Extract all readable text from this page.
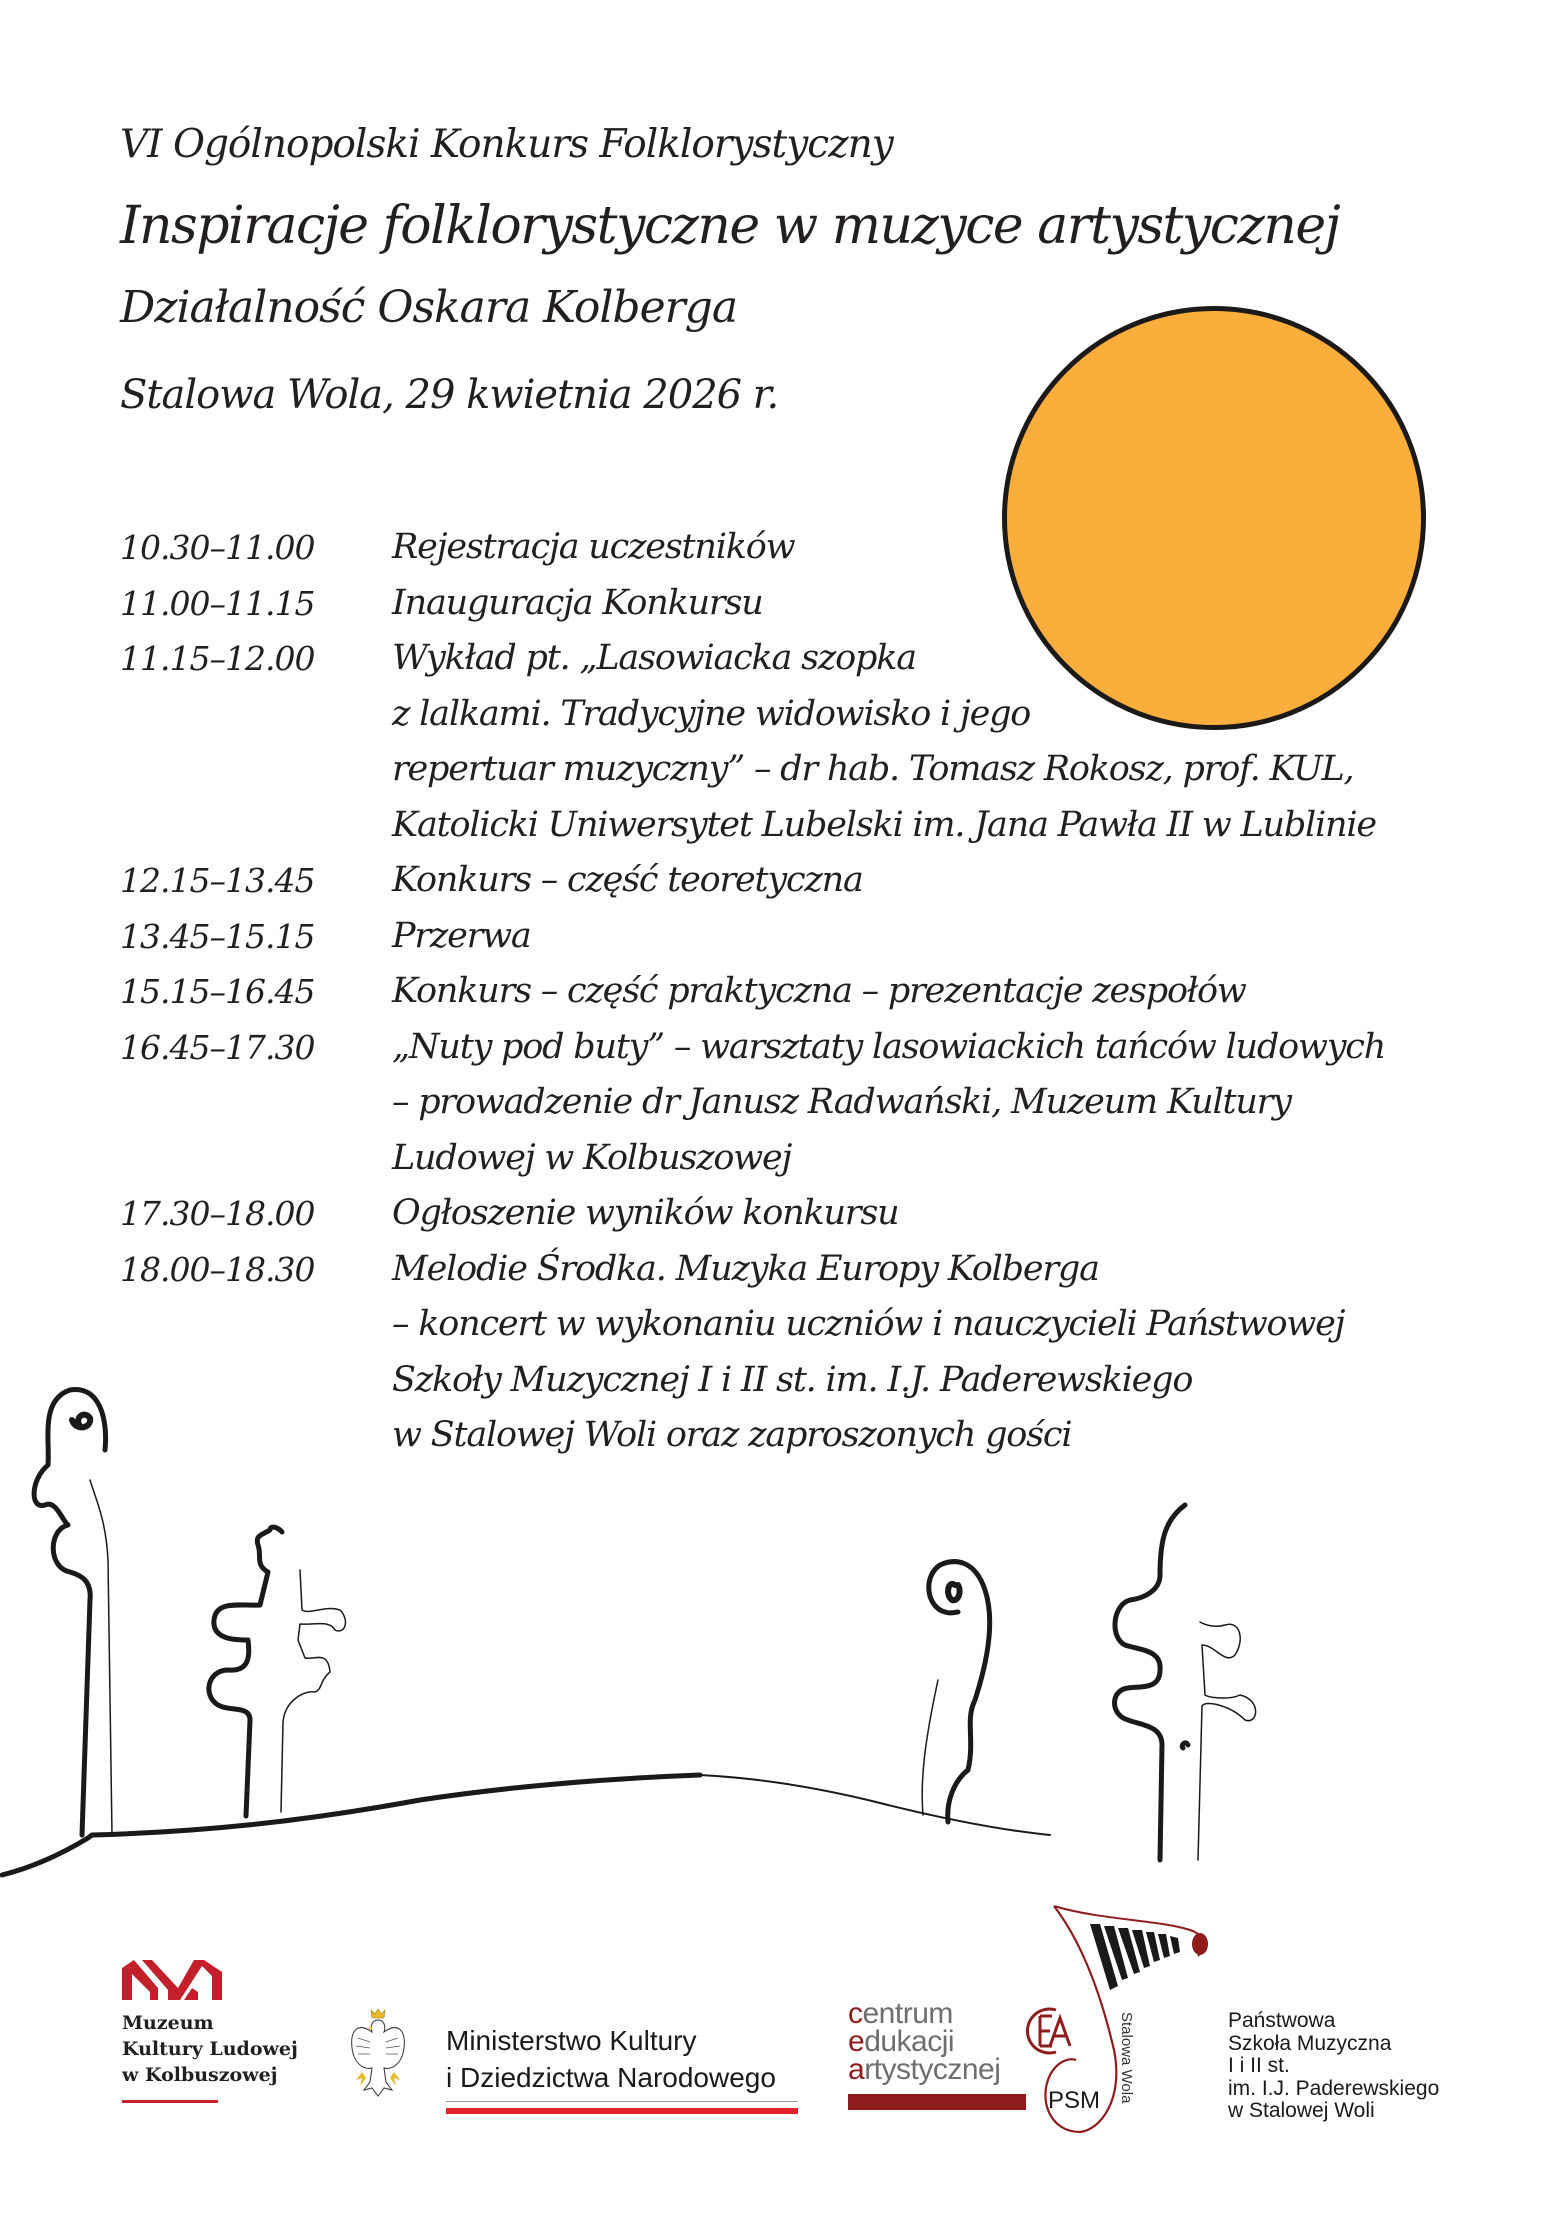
VI Ogólnopolski Konkurs Folklorystyczny
Inspiracje folklorystyczne w muzyce artystycznej
Działalność Oskara Kolberga
Stalowa Wola, 29 kwietnia 2026 r.
10.30–11.00	Rejestracja uczestników
11.00–11.15	Inauguracja Konkursu
11.15–12.00	Wykład pt. „Lasowiacka szopka
z lalkami. Tradycyjne widowisko i jego
repertuar muzyczny” – dr hab. Tomasz Rokosz, prof. KUL,
Katolicki Uniwersytet Lubelski im. Jana Pawła II w Lublinie
12.15–13.45	Konkurs – część teoretyczna
13.45–15.15	Przerwa
15.15–16.45	Konkurs – część praktyczna – prezentacje zespołów
16.45–17.30	„Nuty pod buty” – warsztaty lasowiackich tańców ludowych
– prowadzenie dr Janusz Radwański, Muzeum Kultury
Ludowej w Kolbuszowej
17.30–18.00	Ogłoszenie wyników konkursu
18.00–18.30	Melodie Środka. Muzyka Europy Kolberga
– koncert w wykonaniu uczniów i nauczycieli Państwowej
Szkoły Muzycznej I i II st. im. I.J. Paderewskiego
w Stalowej Woli oraz zaproszonych gości
Muzeum
Kultury Ludowej
w Kolbuszowej
Ministerstwo Kultury
i Dziedzictwa Narodowego
centrum
edukacji
artystycznej
PSM Stalowa Wola	Państwowa
Szkoła Muzyczna
I i II st.
im. I.J. Paderewskiego
w Stalowej Woli
